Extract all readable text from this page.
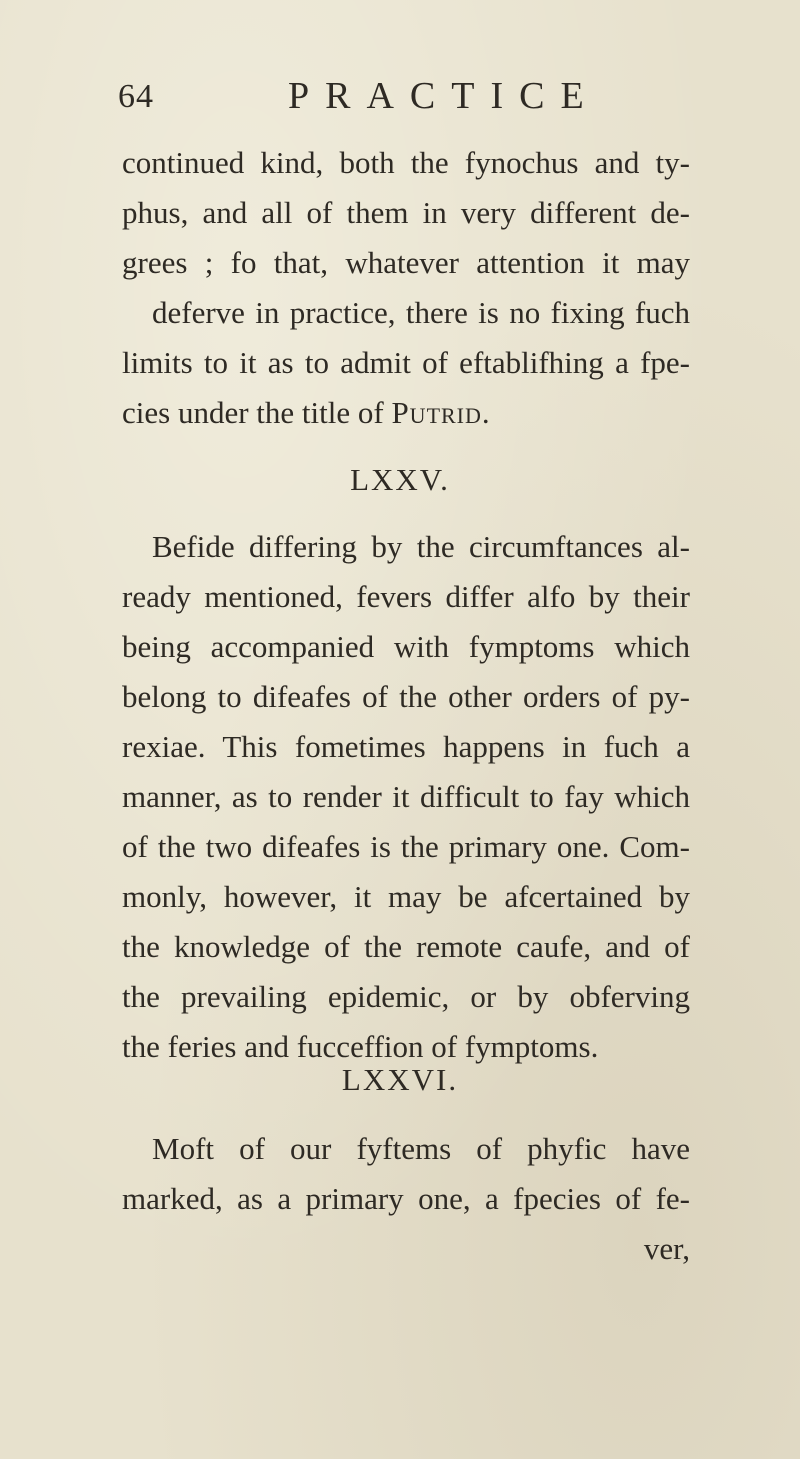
64	PRACTICE
continued kind, both the fynochus and ty-
phus, and all of them in very different de-
grees ; fo that, whatever attention it may
deferve in practice, there is no fixing fuch
limits to it as to admit of eftablifhing a fpe-
cies under the title of Putrid.
LXXV.
Befide differing by the circumftances al-
ready mentioned, fevers differ alfo by their
being accompanied with fymptoms which
belong to difeafes of the other orders of py-
rexiae. This fometimes happens in fuch a
manner, as to render it difficult to fay which
of the two difeafes is the primary one. Com-
monly, however, it may be afcertained by
the knowledge of the remote caufe, and of
the prevailing epidemic, or by obferving
the feries and fucceffion of fymptoms.
LXXVI.
Moft of our fyftems of phyfic have
marked, as a primary one, a fpecies of fe-
ver,
